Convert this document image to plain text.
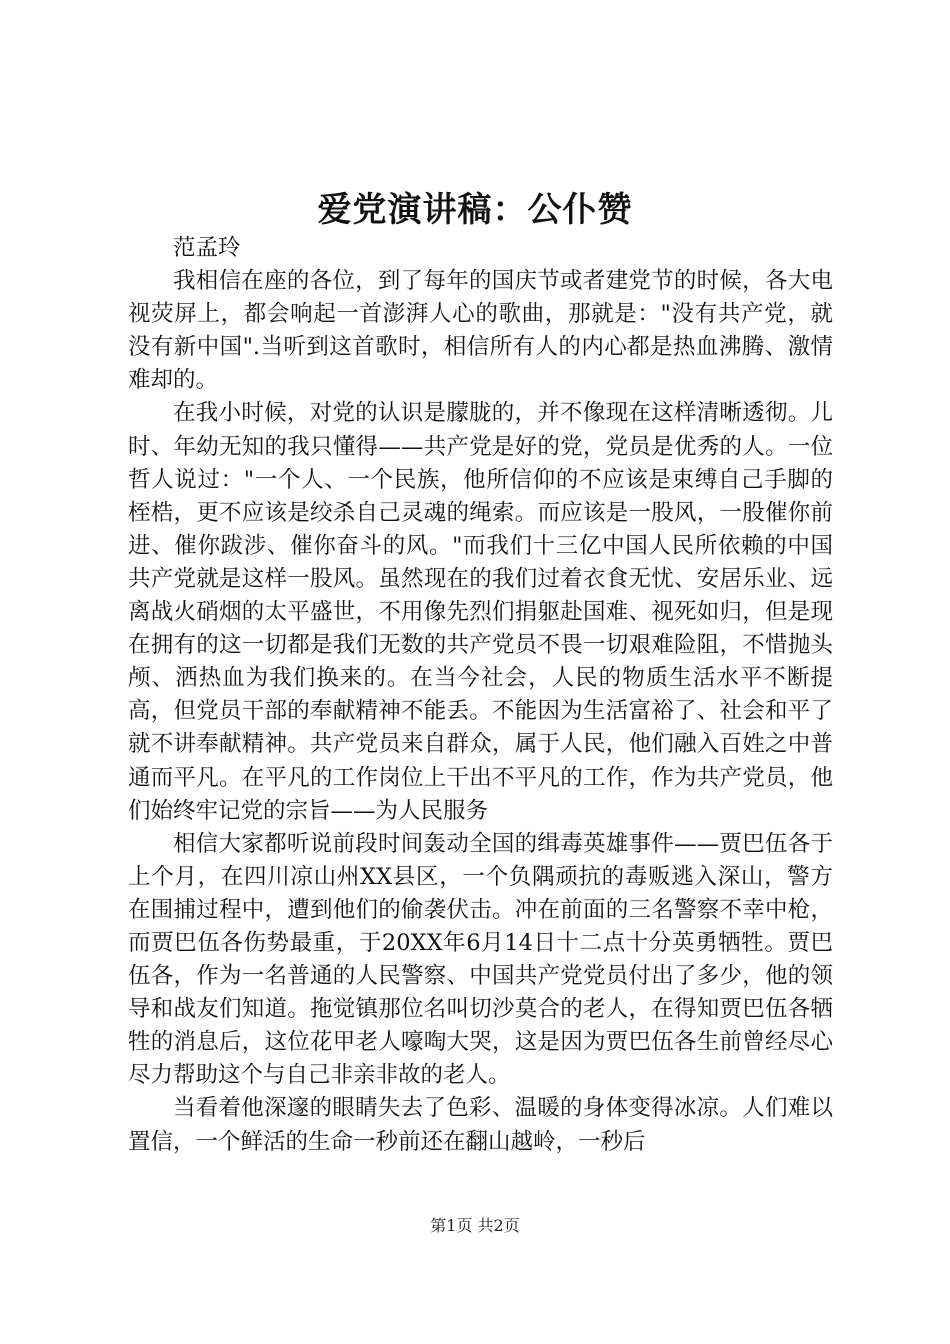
爱党演讲稿：公仆赞

范孟玲

我相信在座的各位，到了每年的国庆节或者建党节的时候，各大电视荧屏上，都会响起一首澎湃人心的歌曲，那就是："没有共产党，就没有新中国".当听到这首歌时，相信所有人的内心都是热血沸腾、激情难却的。

在我小时候，对党的认识是朦胧的，并不像现在这样清晰透彻。儿时、年幼无知的我只懂得——共产党是好的党，党员是优秀的人。一位哲人说过："一个人、一个民族，他所信仰的不应该是束缚自己手脚的桎梏，更不应该是绞杀自己灵魂的绳索。而应该是一股风，一股催你前进、催你跋涉、催你奋斗的风。"而我们十三亿中国人民所依赖的中国共产党就是这样一股风。虽然现在的我们过着衣食无忧、安居乐业、远离战火硝烟的太平盛世，不用像先烈们捐躯赴国难、视死如归，但是现在拥有的这一切都是我们无数的共产党员不畏一切艰难险阻，不惜抛头颅、洒热血为我们换来的。在当今社会，人民的物质生活水平不断提高，但党员干部的奉献精神不能丢。不能因为生活富裕了、社会和平了就不讲奉献精神。共产党员来自群众，属于人民，他们融入百姓之中普通而平凡。在平凡的工作岗位上干出不平凡的工作，作为共产党员，他们始终牢记党的宗旨——为人民服务

相信大家都听说前段时间轰动全国的缉毒英雄事件——贾巴伍各于上个月，在四川凉山州XX县区，一个负隅顽抗的毒贩逃入深山，警方在围捕过程中，遭到他们的偷袭伏击。冲在前面的三名警察不幸中枪，而贾巴伍各伤势最重，于20XX年6月14日十二点十分英勇牺牲。贾巴伍各，作为一名普通的人民警察、中国共产党党员付出了多少，他的领导和战友们知道。拖觉镇那位名叫切沙莫合的老人，在得知贾巴伍各牺牲的消息后，这位花甲老人嚎啕大哭，这是因为贾巴伍各生前曾经尽心尽力帮助这个与自己非亲非故的老人。

当看着他深邃的眼睛失去了色彩、温暖的身体变得冰凉。人们难以置信，一个鲜活的生命一秒前还在翻山越岭，一秒后

第1页 共2页
